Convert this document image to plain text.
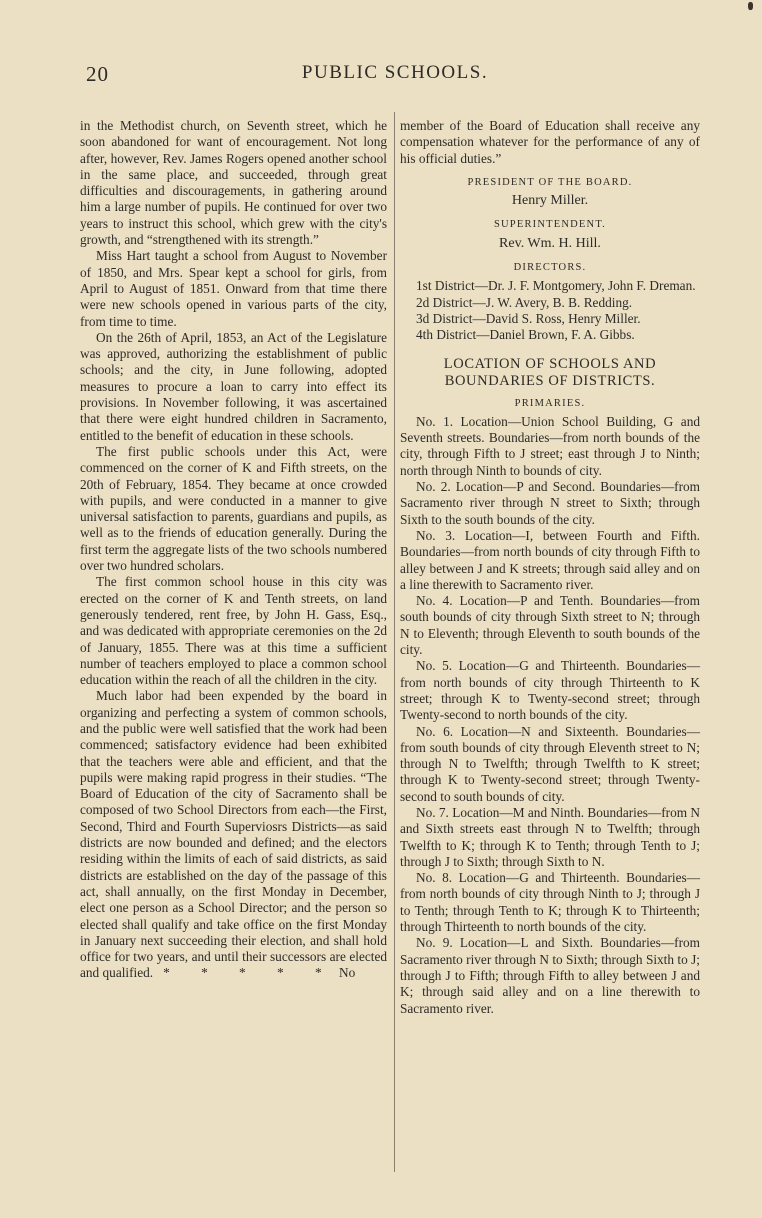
20	PUBLIC SCHOOLS.

in the Methodist church, on Seventh street, which he soon abandoned for want of encouragement. Not long after, however, Rev. James Rogers opened another school in the same place, and succeeded, through great difficulties and discouragements, in gathering around him a large number of pupils. He continued for over two years to instruct this school, which grew with the city's growth, and “strengthened with its strength.”

Miss Hart taught a school from August to November of 1850, and Mrs. Spear kept a school for girls, from April to August of 1851. Onward from that time there were new schools opened in various parts of the city, from time to time.

On the 26th of April, 1853, an Act of the Legislature was approved, authorizing the establishment of public schools; and the city, in June following, adopted measures to procure a loan to carry into effect its provisions. In November following, it was ascertained that there were eight hundred children in Sacramento, entitled to the benefit of education in these schools.

The first public schools under this Act, were commenced on the corner of K and Fifth streets, on the 20th of February, 1854. They became at once crowded with pupils, and were conducted in a manner to give universal satisfaction to parents, guardians and pupils, as well as to the friends of education generally. During the first term the aggregate lists of the two schools numbered over two hundred scholars.

The first common school house in this city was erected on the corner of K and Tenth streets, on land generously tendered, rent free, by John H. Gass, Esq., and was dedicated with appropriate ceremonies on the 2d of January, 1855. There was at this time a sufficient number of teachers employed to place a common school education within the reach of all the children in the city.

Much labor had been expended by the board in organizing and perfecting a system of common schools, and the public were well satisfied that the work had been commenced; satisfactory evidence had been exhibited that the teachers were able and efficient, and that the pupils were making rapid progress in their studies. “The Board of Education of the city of Sacramento shall be composed of two School Directors from each—the First, Second, Third and Fourth Superviosrs Districts—as said districts are now bounded and defined; and the electors residing within the limits of each of said districts, as said districts are established on the day of the passage of this act, shall annually, on the first Monday in December, elect one person as a School Director; and the person so elected shall qualify and take office on the first Monday in January next succeeding their election, and shall hold office for two years, and until their successors are elected and qualified. * * * * * No

member of the Board of Education shall receive any compensation whatever for the performance of any of his official duties.”

PRESIDENT OF THE BOARD.
Henry Miller.
SUPERINTENDENT.
Rev. Wm. H. Hill.
DIRECTORS.

1st District—Dr. J. F. Montgomery, John F. Dreman.

2d District—J. W. Avery, B. B. Redding.

3d District—David S. Ross, Henry Miller.

4th District—Daniel Brown, F. A. Gibbs.

LOCATION OF SCHOOLS AND BOUNDARIES OF DISTRICTS.
PRIMARIES.

No. 1. Location—Union School Building, G and Seventh streets. Boundaries—from north bounds of the city, through Fifth to J street; east through J to Ninth; north through Ninth to bounds of city.

No. 2. Location—P and Second. Boundaries—from Sacramento river through N street to Sixth; through Sixth to the south bounds of the city.

No. 3. Location—I, between Fourth and Fifth. Boundaries—from north bounds of city through Fifth to alley between J and K streets; through said alley and on a line therewith to Sacramento river.

No. 4. Location—P and Tenth. Boundaries—from south bounds of city through Sixth street to N; through N to Eleventh; through Eleventh to south bounds of the city.

No. 5. Location—G and Thirteenth. Boundaries—from north bounds of city through Thirteenth to K street; through K to Twenty-second street; through Twenty-second to north bounds of the city.

No. 6. Location—N and Sixteenth. Boundaries—from south bounds of city through Eleventh street to N; through N to Twelfth; through Twelfth to K street; through K to Twenty-second street; through Twenty-second to south bounds of city.

No. 7. Location—M and Ninth. Boundaries—from N and Sixth streets east through N to Twelfth; through Twelfth to K; through K to Tenth; through Tenth to J; through J to Sixth; through Sixth to N.

No. 8. Location—G and Thirteenth. Boundaries—from north bounds of city through Ninth to J; through J to Tenth; through Tenth to K; through K to Thirteenth; through Thirteenth to north bounds of the city.

No. 9. Location—L and Sixth. Boundaries—from Sacramento river through N to Sixth; through Sixth to J; through J to Fifth; through Fifth to alley between J and K; through said alley and on a line therewith to Sacramento river.
